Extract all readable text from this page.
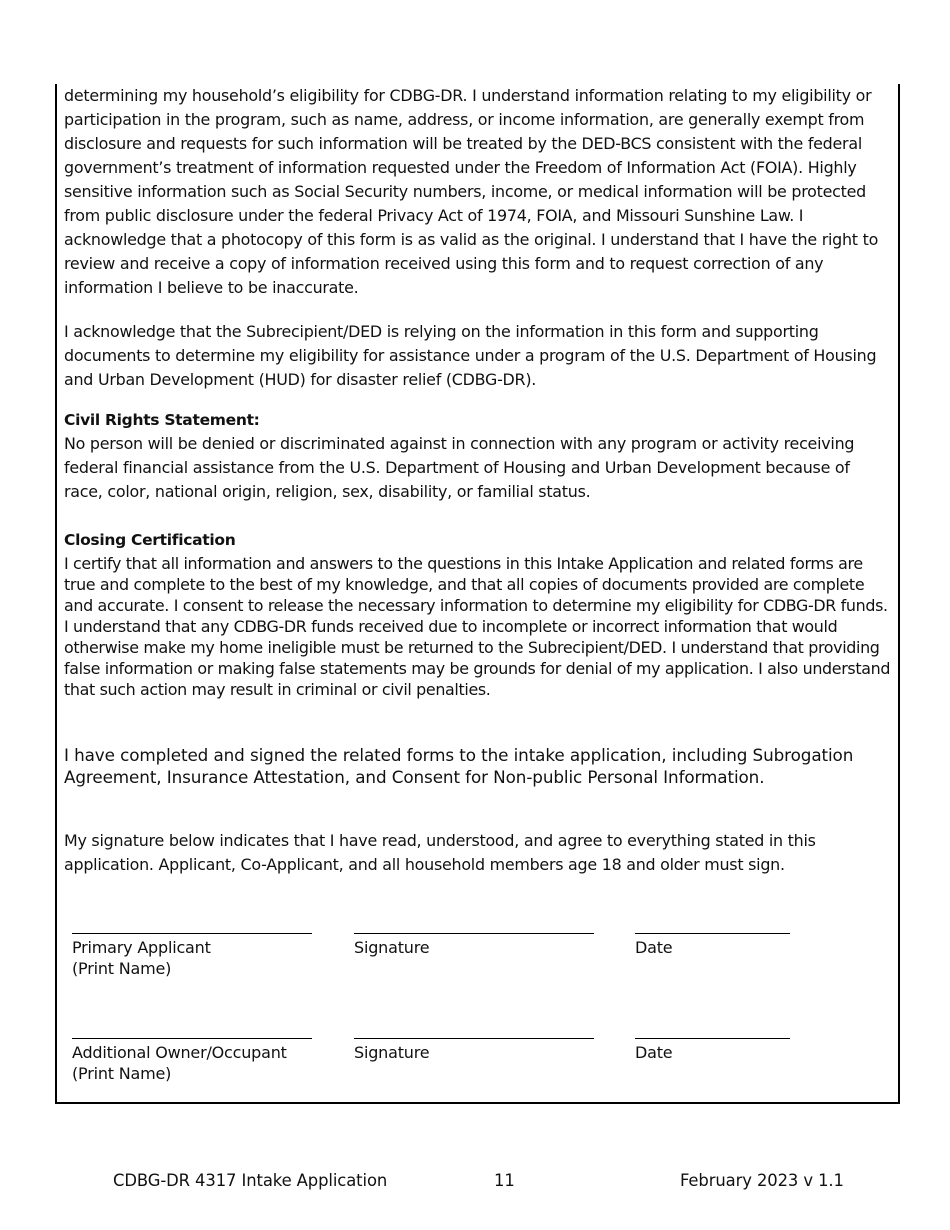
determining my household’s eligibility for CDBG-DR. I understand information relating to my eligibility or participation in the program, such as name, address, or income information, are generally exempt from disclosure and requests for such information will be treated by the DED-BCS consistent with the federal government’s treatment of information requested under the Freedom of Information Act (FOIA). Highly sensitive information such as Social Security numbers, income, or medical information will be protected from public disclosure under the federal Privacy Act of 1974, FOIA, and Missouri Sunshine Law. I acknowledge that a photocopy of this form is as valid as the original. I understand that I have the right to review and receive a copy of information received using this form and to request correction of any information I believe to be inaccurate.

I acknowledge that the Subrecipient/DED is relying on the information in this form and supporting documents to determine my eligibility for assistance under a program of the U.S. Department of Housing and Urban Development (HUD) for disaster relief (CDBG-DR).

Civil Rights Statement:

No person will be denied or discriminated against in connection with any program or activity receiving federal financial assistance from the U.S. Department of Housing and Urban Development because of race, color, national origin, religion, sex, disability, or familial status.

Closing Certification

I certify that all information and answers to the questions in this Intake Application and related forms are true and complete to the best of my knowledge, and that all copies of documents provided are complete and accurate. I consent to release the necessary information to determine my eligibility for CDBG-DR funds. I understand that any CDBG-DR funds received due to incomplete or incorrect information that would otherwise make my home ineligible must be returned to the Subrecipient/DED. I understand that providing false information or making false statements may be grounds for denial of my application. I also understand that such action may result in criminal or civil penalties.

I have completed and signed the related forms to the intake application, including Subrogation Agreement, Insurance Attestation, and Consent for Non-public Personal Information.

My signature below indicates that I have read, understood, and agree to everything stated in this application. Applicant, Co-Applicant, and all household members age 18 and older must sign.

Primary Applicant
(Print Name)
Signature	Date
Additional Owner/Occupant
(Print Name)
Signature	Date
CDBG-DR 4317 Intake Application	11	February 2023 v 1.1
